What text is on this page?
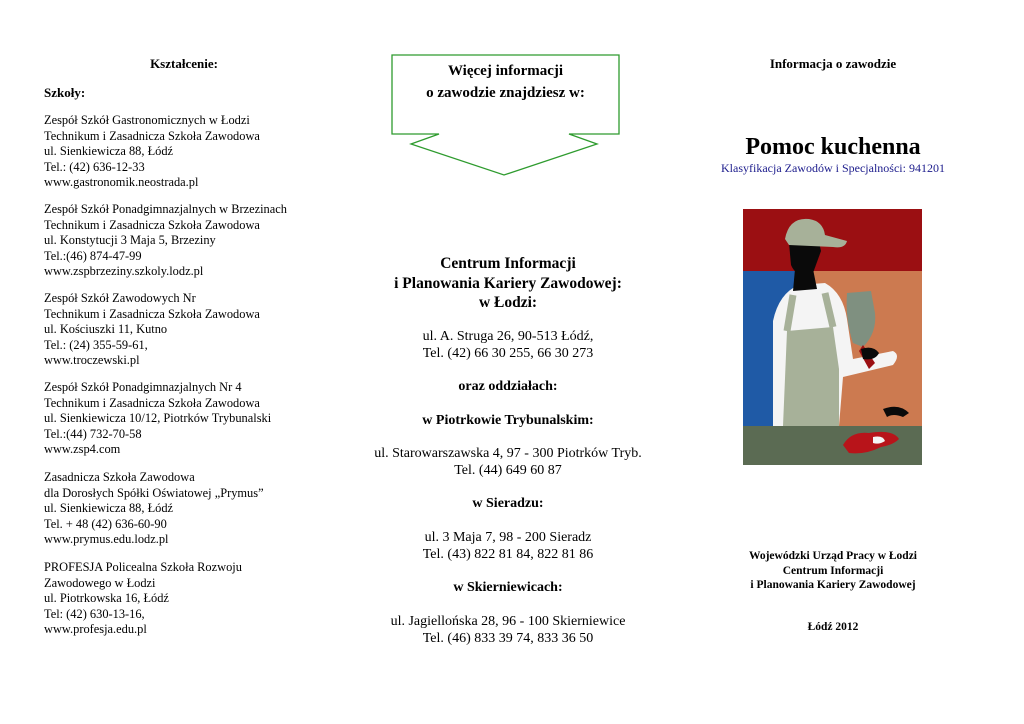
Kształcenie:
Szkoły:
Zespół Szkół Gastronomicznych w Łodzi
Technikum i Zasadnicza Szkoła Zawodowa
ul. Sienkiewicza 88, Łódź
Tel.: (42) 636-12-33
www.gastronomik.neostrada.pl
Zespół Szkół Ponadgimnazjalnych w Brzezinach
Technikum i Zasadnicza Szkoła Zawodowa
ul. Konstytucji 3 Maja 5, Brzeziny
Tel.:(46) 874-47-99
www.zspbrzeziny.szkoly.lodz.pl
Zespół Szkół Zawodowych Nr
Technikum i Zasadnicza Szkoła Zawodowa
ul. Kościuszki 11, Kutno
Tel.: (24) 355-59-61,
www.troczewski.pl
Zespół Szkół Ponadgimnazjalnych Nr 4
Technikum i Zasadnicza Szkoła Zawodowa
ul. Sienkiewicza 10/12, Piotrków Trybunalski
Tel.:(44) 732-70-58
www.zsp4.com
Zasadnicza Szkoła Zawodowa
dla Dorosłych Spółki Oświatowej „Prymus”
ul. Sienkiewicza 88, Łódź
Tel. + 48 (42) 636-60-90
www.prymus.edu.lodz.pl
PROFESJA Policealna Szkoła Rozwoju
Zawodowego w Łodzi
ul. Piotrkowska 16, Łódź
Tel: (42) 630-13-16,
www.profesja.edu.pl
Więcej informacji
o zawodzie znajdziesz w:
Centrum Informacji
i Planowania Kariery Zawodowej:
w Łodzi:
ul. A. Struga 26, 90-513 Łódź,
Tel. (42) 66 30 255, 66 30 273
oraz oddziałach:
w Piotrkowie Trybunalskim:
ul. Starowarszawska 4, 97 - 300 Piotrków Tryb.
Tel. (44) 649 60 87
w Sieradzu:
ul. 3 Maja 7, 98 - 200 Sieradz
Tel. (43) 822 81 84, 822 81 86
w Skierniewicach:
ul. Jagiellońska 28, 96 - 100 Skierniewice
Tel. (46) 833 39 74, 833 36 50
Informacja o zawodzie
Pomoc kuchenna
Klasyfikacja Zawodów i Specjalności: 941201
Wojewódzki Urząd Pracy w Łodzi
Centrum Informacji
i Planowania Kariery Zawodowej
Łódź 2012
